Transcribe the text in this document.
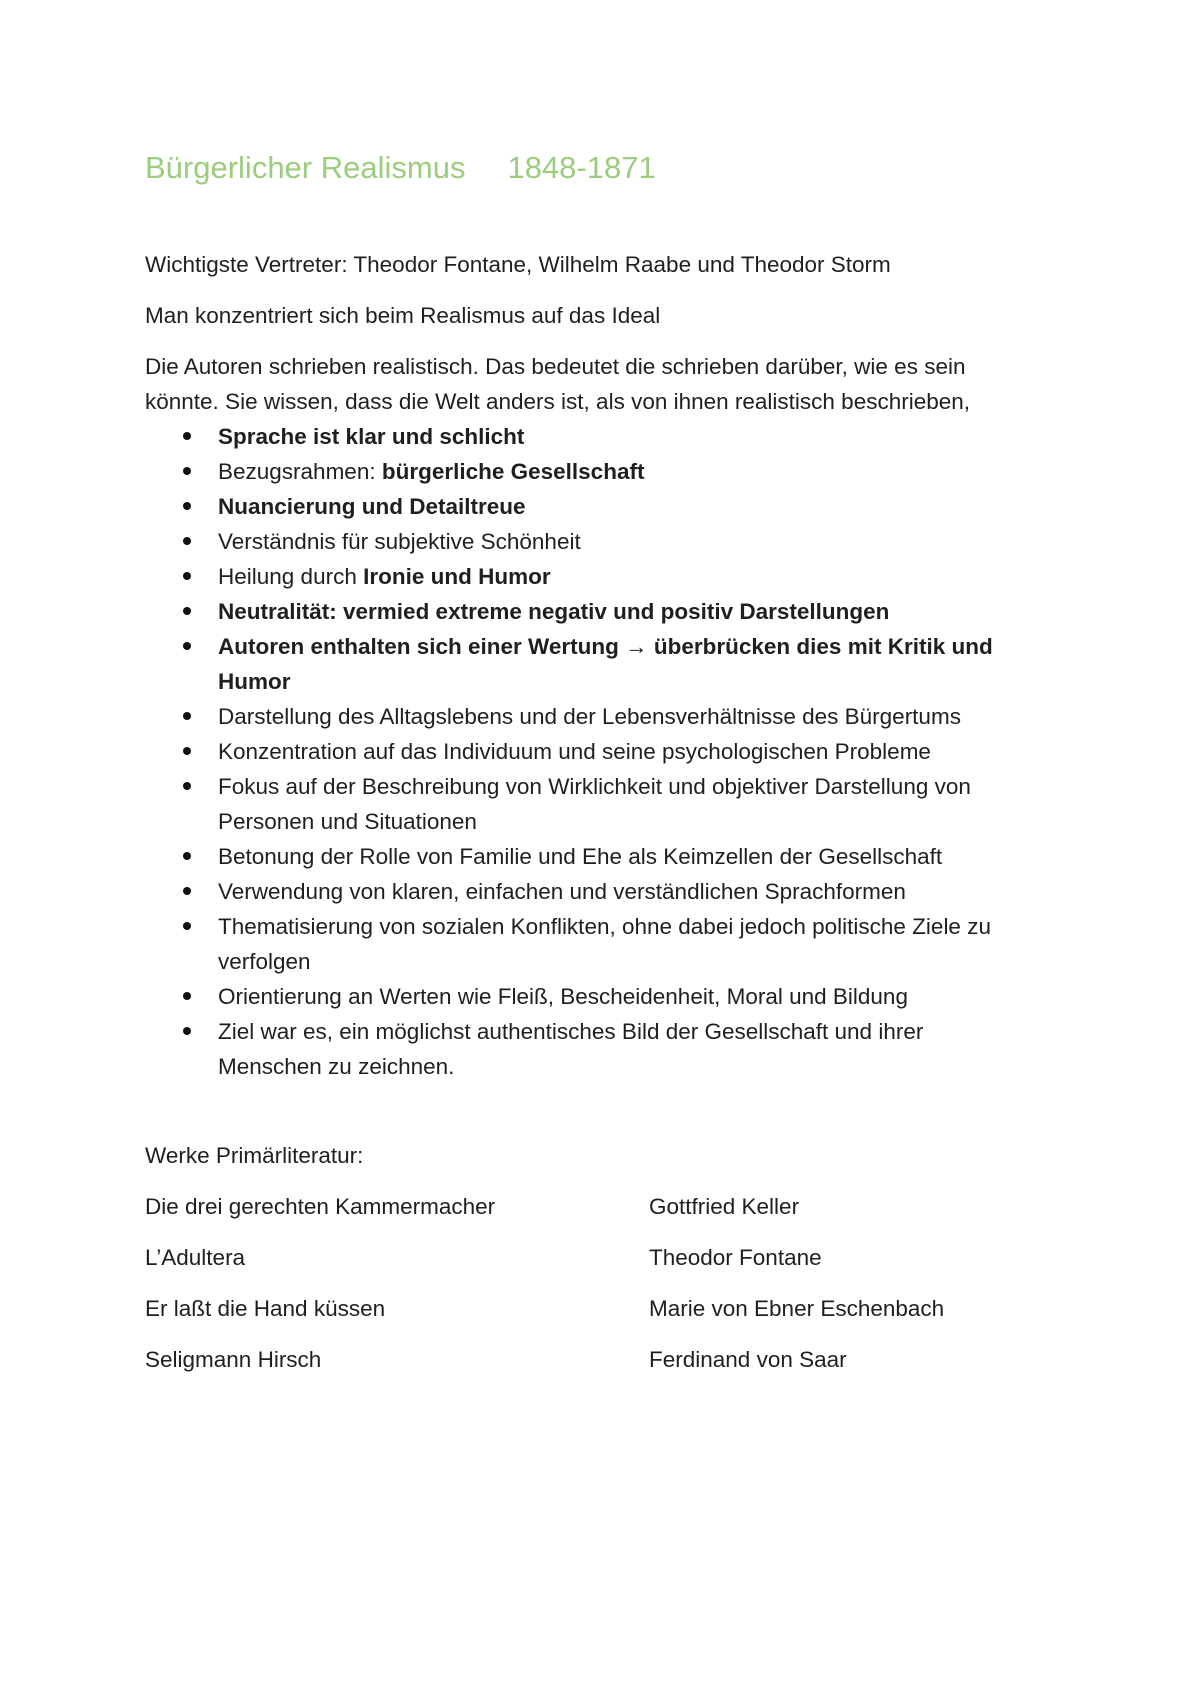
Bürgerlicher Realismus 1848-1871

Wichtigste Vertreter: Theodor Fontane, Wilhelm Raabe und Theodor Storm

Man konzentriert sich beim Realismus auf das Ideal

Die Autoren schrieben realistisch. Das bedeutet die schrieben darüber, wie es sein

könnte. Sie wissen, dass die Welt anders ist, als von ihnen realistisch beschrieben,

Sprache ist klar und schlicht
Bezugsrahmen: bürgerliche Gesellschaft
Nuancierung und Detailtreue
Verständnis für subjektive Schönheit
Heilung durch Ironie und Humor
Neutralität: vermied extreme negativ und positiv Darstellungen
Autoren enthalten sich einer Wertung → überbrücken dies mit Kritik und
Humor
Darstellung des Alltagslebens und der Lebensverhältnisse des Bürgertums
Konzentration auf das Individuum und seine psychologischen Probleme
Fokus auf der Beschreibung von Wirklichkeit und objektiver Darstellung von
Personen und Situationen
Betonung der Rolle von Familie und Ehe als Keimzellen der Gesellschaft
Verwendung von klaren, einfachen und verständlichen Sprachformen
Thematisierung von sozialen Konflikten, ohne dabei jedoch politische Ziele zu
verfolgen
Orientierung an Werten wie Fleiß, Bescheidenheit, Moral und Bildung
Ziel war es, ein möglichst authentisches Bild der Gesellschaft und ihrer
Menschen zu zeichnen.

Werke Primärliteratur:

Die drei gerechten Kammermacher	Gottfried Keller
L’Adultera	Theodor Fontane
Er laßt die Hand küssen	Marie von Ebner Eschenbach
Seligmann Hirsch	Ferdinand von Saar
